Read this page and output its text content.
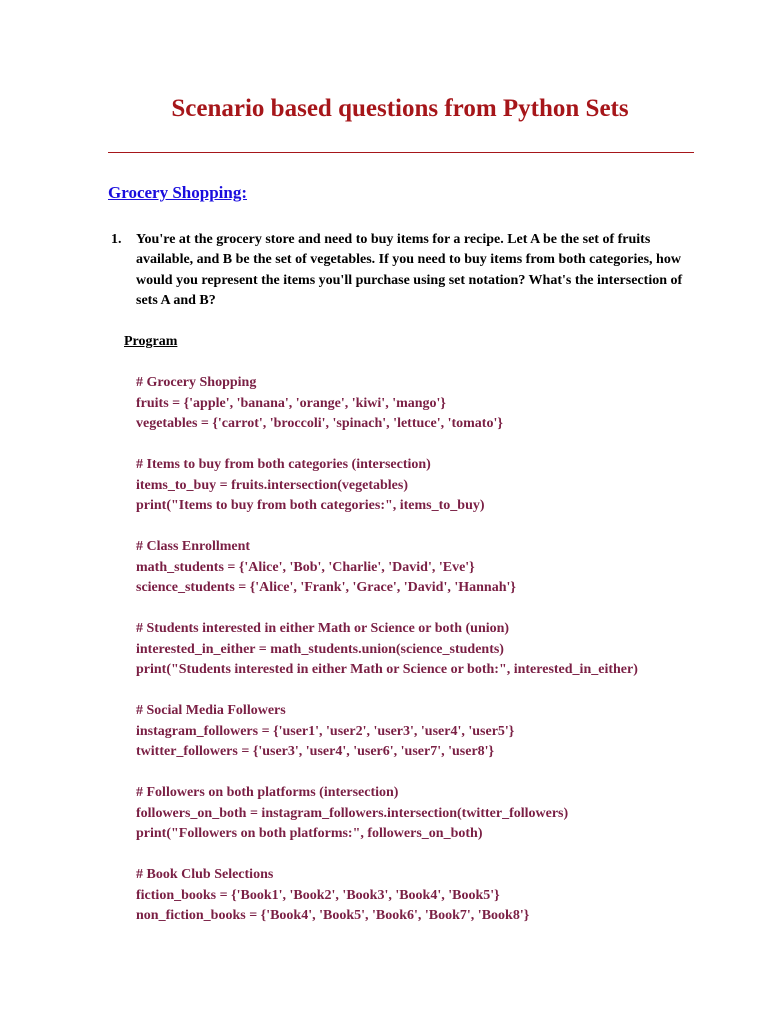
Scenario based questions from Python Sets
Grocery Shopping:
1. You're at the grocery store and need to buy items for a recipe. Let A be the set of fruits available, and B be the set of vegetables. If you need to buy items from both categories, how would you represent the items you'll purchase using set notation? What's the intersection of sets A and B?
Program
# Grocery Shopping
fruits = {'apple', 'banana', 'orange', 'kiwi', 'mango'}
vegetables = {'carrot', 'broccoli', 'spinach', 'lettuce', 'tomato'}
# Items to buy from both categories (intersection)
items_to_buy = fruits.intersection(vegetables)
print("Items to buy from both categories:", items_to_buy)
# Class Enrollment
math_students = {'Alice', 'Bob', 'Charlie', 'David', 'Eve'}
science_students = {'Alice', 'Frank', 'Grace', 'David', 'Hannah'}
# Students interested in either Math or Science or both (union)
interested_in_either = math_students.union(science_students)
print("Students interested in either Math or Science or both:", interested_in_either)
# Social Media Followers
instagram_followers = {'user1', 'user2', 'user3', 'user4', 'user5'}
twitter_followers = {'user3', 'user4', 'user6', 'user7', 'user8'}
# Followers on both platforms (intersection)
followers_on_both = instagram_followers.intersection(twitter_followers)
print("Followers on both platforms:", followers_on_both)
# Book Club Selections
fiction_books = {'Book1', 'Book2', 'Book3', 'Book4', 'Book5'}
non_fiction_books = {'Book4', 'Book5', 'Book6', 'Book7', 'Book8'}
